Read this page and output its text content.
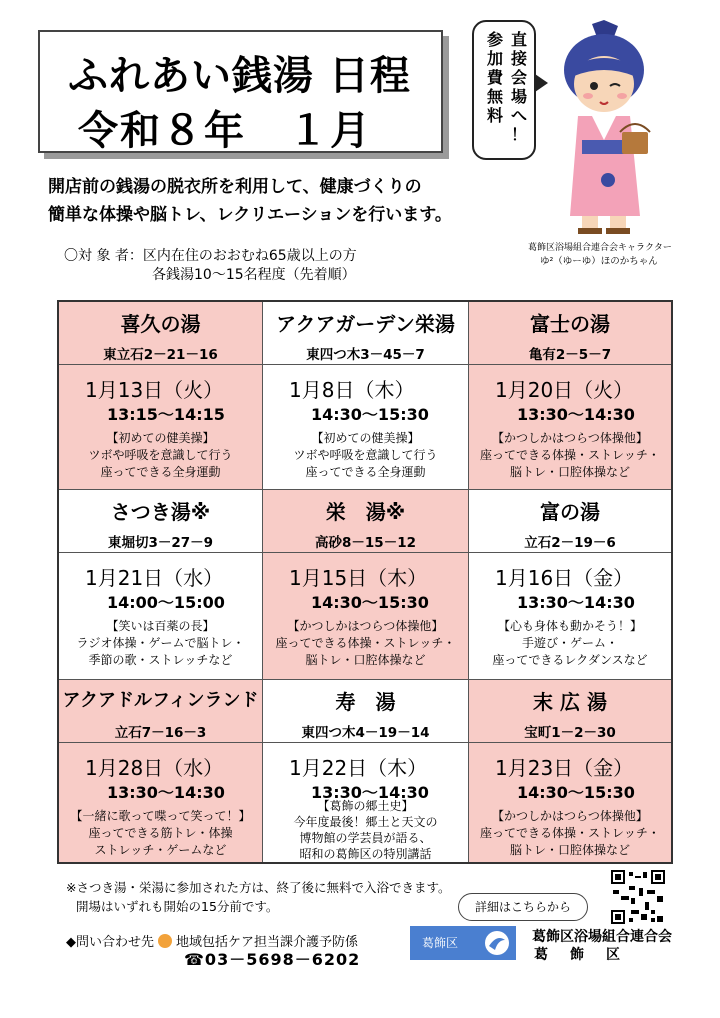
ふれあい銭湯 日程
令和８年　１月
直
接
会
場
へ
！
参
加
費
無
料
葛飾区浴場組合連合会キャラクター
ゆ²（ゆーゆ）ほのかちゃん
開店前の銭湯の脱衣所を利用して、健康づくりの
簡単な体操や脳トレ、レクリエーションを行います。
〇対 象 者：区内在住のおおむね65歳以上の方
各銭湯10～15名程度（先着順）
喜久の湯
東立石2－21－16
1月13日（火）
13:15～14:15
【初めての健美操】
ツボや呼吸を意識して行う
座ってできる全身運動
アクアガーデン栄湯
東四つ木3－45－7
1月8日（木）
14:30～15:30
【初めての健美操】
ツボや呼吸を意識して行う
座ってできる全身運動
富士の湯
亀有2－5－7
1月20日（火）
13:30～14:30
【かつしかはつらつ体操他】
座ってできる体操・ストレッチ・
脳トレ・口腔体操など
さつき湯※
東堀切3－27－9
1月21日（水）
14:00～15:00
【笑いは百薬の長】
ラジオ体操・ゲームで脳トレ・
季節の歌・ストレッチなど
栄　湯※
高砂8－15－12
1月15日（木）
14:30～15:30
【かつしかはつらつ体操他】
座ってできる体操・ストレッチ・
脳トレ・口腔体操など
富の湯
立石2－19－6
1月16日（金）
13:30～14:30
【心も身体も動かそう！】
手遊び・ゲーム・
座ってできるレクダンスなど
アクアドルフィンランド
立石7－16－3
1月28日（水）
13:30～14:30
【一緒に歌って喋って笑って！】
座ってできる筋トレ・体操
ストレッチ・ゲームなど
寿　湯
東四つ木4－19－14
1月22日（木）
13:30～14:30
【葛飾の郷土史】
今年度最後！郷土と天文の
博物館の学芸員が語る、
昭和の葛飾区の特別講話
末 広 湯
宝町1－2－30
1月23日（金）
14:30～15:30
【かつしかはつらつ体操他】
座ってできる体操・ストレッチ・
脳トレ・口腔体操など
※さつき湯・栄湯に参加された方は、終了後に無料で入浴できます。
開場はいずれも開始の15分前です。	詳細はこちらから
◆問い合わせ先 地域包括ケア担当課介護予防係
☎03－5698－6202
葛飾区	葛飾区浴場組合連合会
葛飾区
